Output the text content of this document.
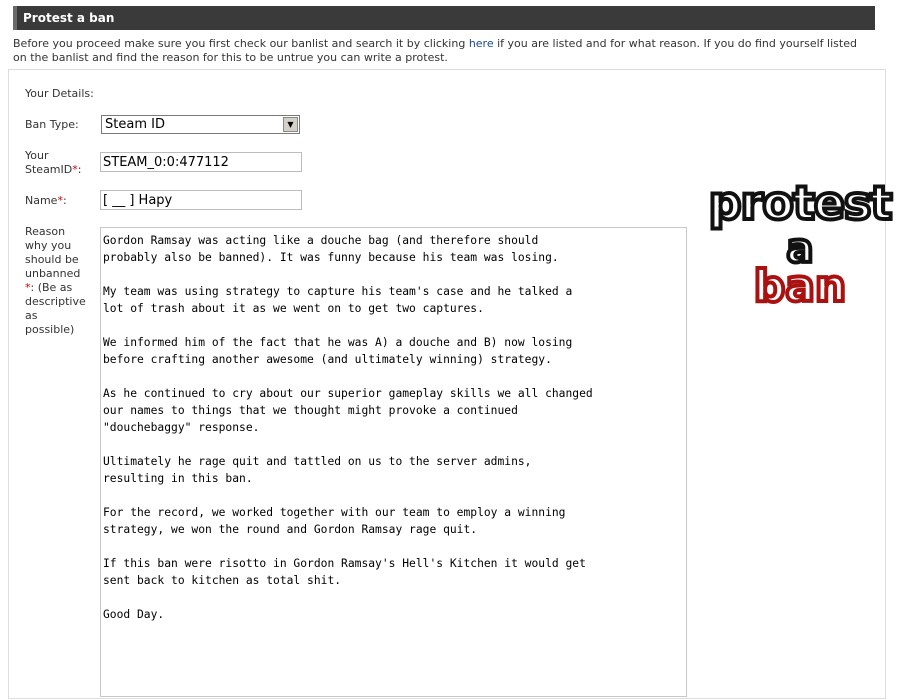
Protest a ban
Before you proceed make sure you first check our banlist and search it by clicking here if you are listed and for what reason. If you do find yourself listed on the banlist and find the reason for this to be untrue you can write a protest.
Your Details:
Ban Type: Steam ID	▼
Your
SteamID*: STEAM_0:0:477112
Name*:	[ __ ] Hapy
Reason
why you
should be
unbanned
*: (Be as
descriptive
as
possible)
Gordon Ramsay was acting like a douche bag (and therefore should
probably also be banned). It was funny because his team was losing.

My team was using strategy to capture his team's case and he talked a
lot of trash about it as we went on to get two captures.

We informed him of the fact that he was A) a douche and B) now losing
before crafting another awesome (and ultimately winning) strategy.

As he continued to cry about our superior gameplay skills we all changed
our names to things that we thought might provoke a continued
"douchebaggy" response.

Ultimately he rage quit and tattled on us to the server admins,
resulting in this ban.

For the record, we worked together with our team to employ a winning
strategy, we won the round and Gordon Ramsay rage quit.

If this ban were risotto in Gordon Ramsay's Hell's Kitchen it would get
sent back to kitchen as total shit.

Good Day.
protest
a
ban
